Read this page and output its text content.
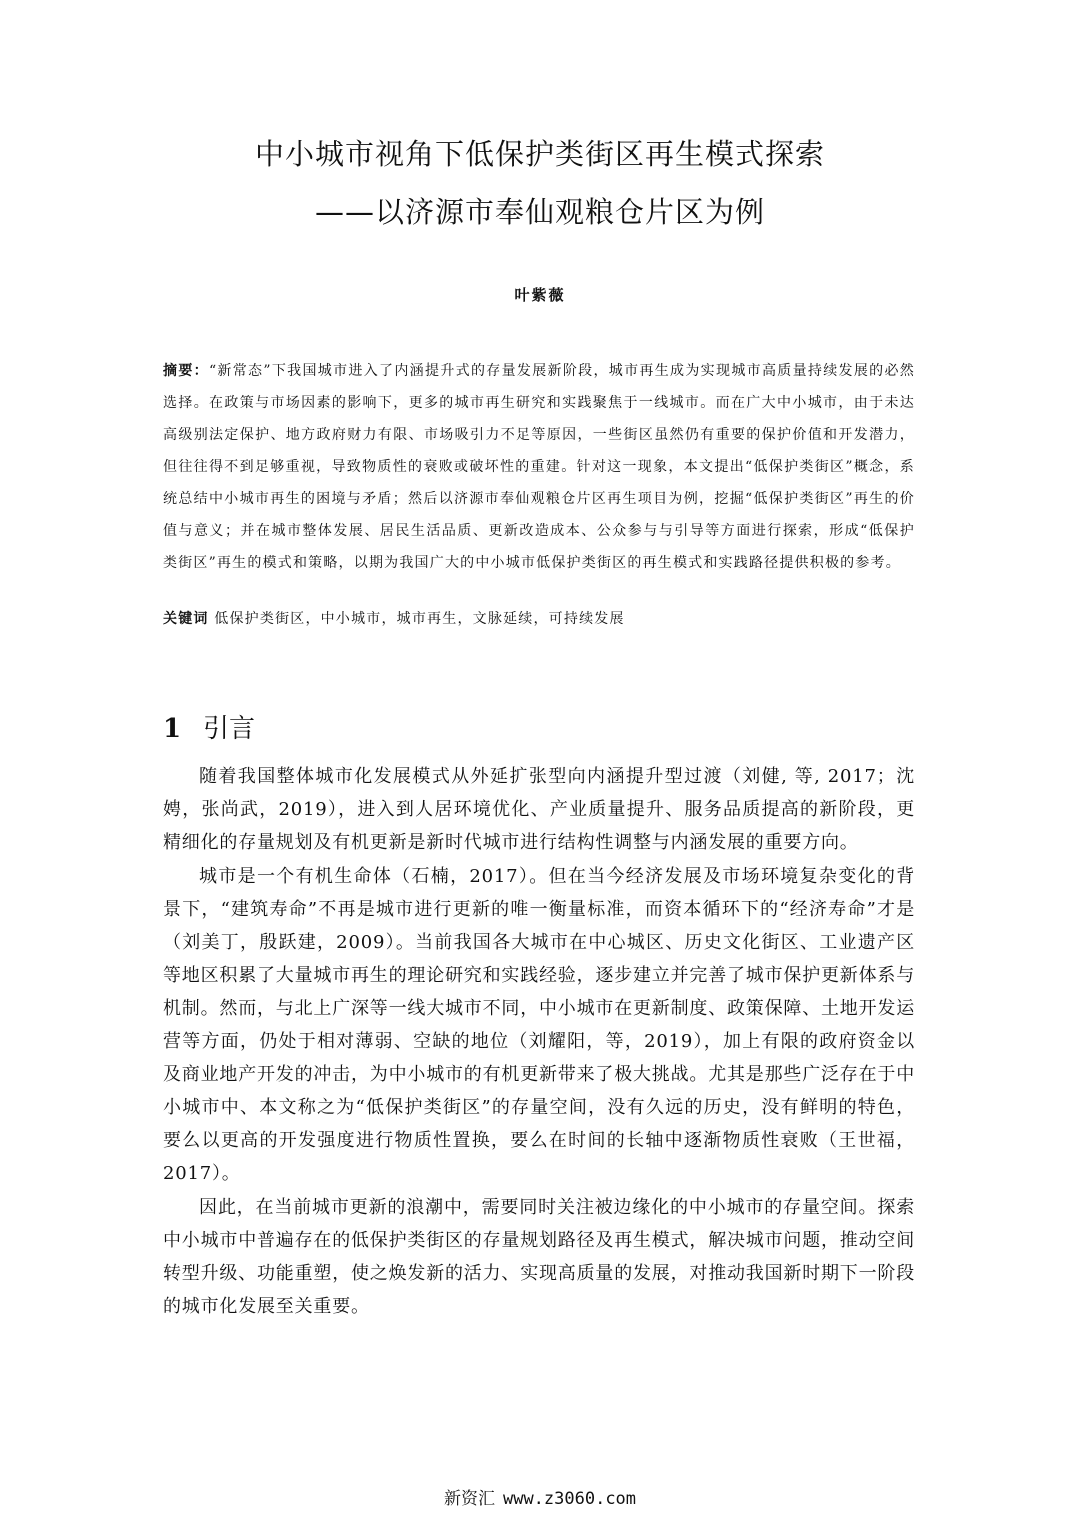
中小城市视角下低保护类街区再生模式探索
——以济源市奉仙观粮仓片区为例
叶紫薇
摘要：“新常态”下我国城市进入了内涵提升式的存量发展新阶段，城市再生成为实现城市高质量持续发展的必然选择。在政策与市场因素的影响下，更多的城市再生研究和实践聚焦于一线城市。而在广大中小城市，由于未达高级别法定保护、地方政府财力有限、市场吸引力不足等原因，一些街区虽然仍有重要的保护价值和开发潜力，但往往得不到足够重视，导致物质性的衰败或破坏性的重建。针对这一现象，本文提出“低保护类街区”概念，系统总结中小城市再生的困境与矛盾；然后以济源市奉仙观粮仓片区再生项目为例，挖掘“低保护类街区”再生的价值与意义；并在城市整体发展、居民生活品质、更新改造成本、公众参与与引导等方面进行探索，形成“低保护类街区”再生的模式和策略，以期为我国广大的中小城市低保护类街区的再生模式和实践路径提供积极的参考。
关键词 低保护类街区，中小城市，城市再生，文脉延续，可持续发展
1 引言

随着我国整体城市化发展模式从外延扩张型向内涵提升型过渡（刘健, 等, 2017；沈娉，张尚武，2019），进入到人居环境优化、产业质量提升、服务品质提高的新阶段，更精细化的存量规划及有机更新是新时代城市进行结构性调整与内涵发展的重要方向。

城市是一个有机生命体（石楠，2017）。但在当今经济发展及市场环境复杂变化的背景下，“建筑寿命”不再是城市进行更新的唯一衡量标准，而资本循环下的“经济寿命”才是（刘美丁，殷跃建，2009）。当前我国各大城市在中心城区、历史文化街区、工业遗产区等地区积累了大量城市再生的理论研究和实践经验，逐步建立并完善了城市保护更新体系与机制。然而，与北上广深等一线大城市不同，中小城市在更新制度、政策保障、土地开发运营等方面，仍处于相对薄弱、空缺的地位（刘耀阳，等，2019），加上有限的政府资金以及商业地产开发的冲击，为中小城市的有机更新带来了极大挑战。尤其是那些广泛存在于中小城市中、本文称之为“低保护类街区”的存量空间，没有久远的历史，没有鲜明的特色，要么以更高的开发强度进行物质性置换，要么在时间的长轴中逐渐物质性衰败（王世福，2017）。

因此，在当前城市更新的浪潮中，需要同时关注被边缘化的中小城市的存量空间。探索中小城市中普遍存在的低保护类街区的存量规划路径及再生模式，解决城市问题，推动空间转型升级、功能重塑，使之焕发新的活力、实现高质量的发展，对推动我国新时期下一阶段的城市化发展至关重要。

新资汇 www.z3060.com
